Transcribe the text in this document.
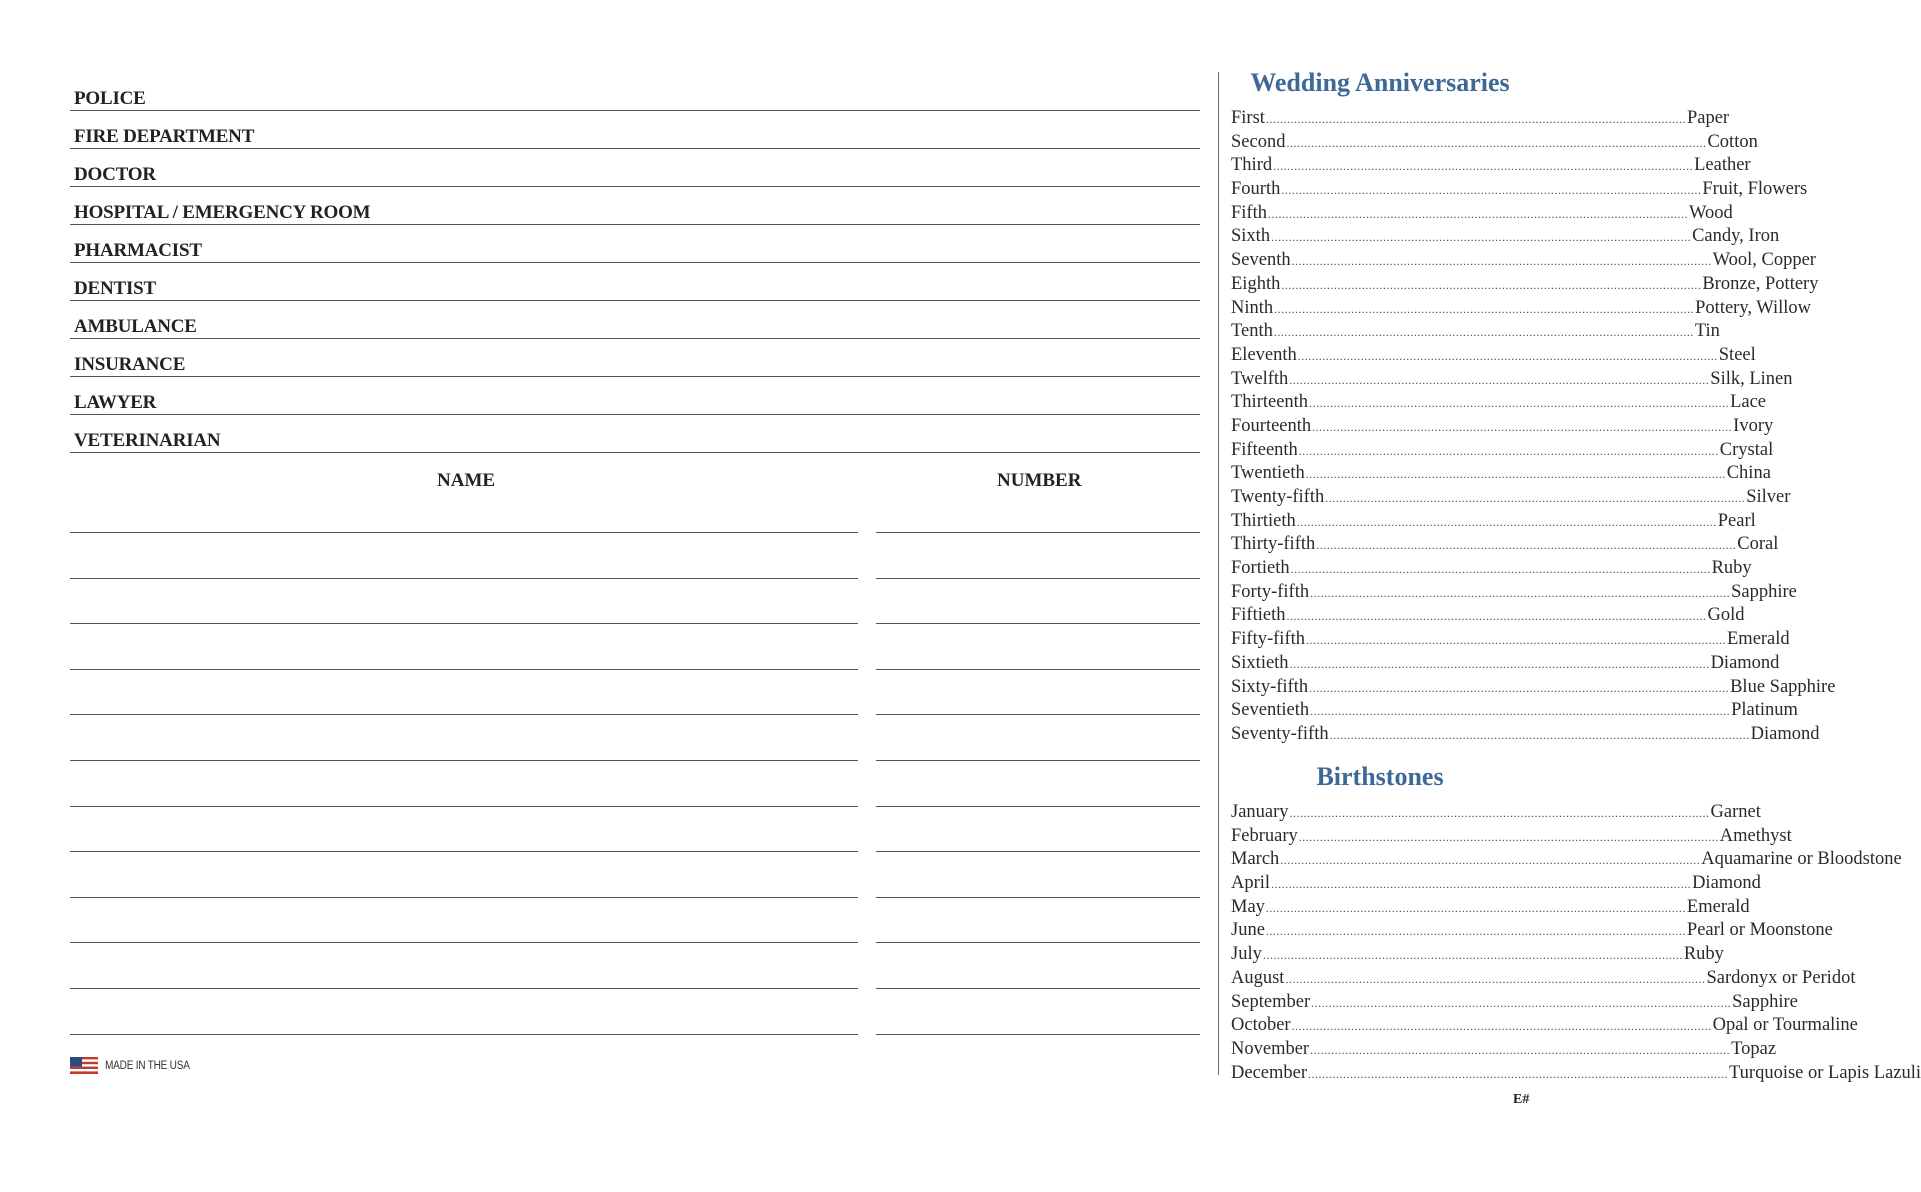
POLICE
FIRE DEPARTMENT
DOCTOR
HOSPITAL / EMERGENCY ROOM
PHARMACIST
DENTIST
AMBULANCE
INSURANCE
LAWYER
VETERINARIAN
NAME	NUMBER
MADE IN THE USA
Wedding Anniversaries
First ........................................................................................................................ Paper
Second ........................................................................................................................ Cotton
Third ........................................................................................................................ Leather
Fourth ........................................................................................................................ Fruit, Flowers
Fifth ........................................................................................................................ Wood
Sixth ........................................................................................................................ Candy, Iron
Seventh ........................................................................................................................ Wool, Copper
Eighth ........................................................................................................................ Bronze, Pottery
Ninth ........................................................................................................................ Pottery, Willow
Tenth ........................................................................................................................ Tin
Eleventh ........................................................................................................................ Steel
Twelfth ........................................................................................................................ Silk, Linen
Thirteenth ........................................................................................................................ Lace
Fourteenth ........................................................................................................................ Ivory
Fifteenth ........................................................................................................................ Crystal
Twentieth ........................................................................................................................ China
Twenty-fifth ........................................................................................................................ Silver
Thirtieth ........................................................................................................................ Pearl
Thirty-fifth ........................................................................................................................ Coral
Fortieth ........................................................................................................................ Ruby
Forty-fifth ........................................................................................................................ Sapphire
Fiftieth ........................................................................................................................ Gold
Fifty-fifth ........................................................................................................................ Emerald
Sixtieth ........................................................................................................................ Diamond
Sixty-fifth ........................................................................................................................ Blue Sapphire
Seventieth ........................................................................................................................ Platinum
Seventy-fifth ........................................................................................................................ Diamond
Birthstones
January ........................................................................................................................ Garnet
February ........................................................................................................................ Amethyst
March ........................................................................................................................ Aquamarine or Bloodstone
April ........................................................................................................................ Diamond
May ........................................................................................................................ Emerald
June ........................................................................................................................ Pearl or Moonstone
July ........................................................................................................................ Ruby
August ........................................................................................................................ Sardonyx or Peridot
September ........................................................................................................................ Sapphire
October ........................................................................................................................ Opal or Tourmaline
November ........................................................................................................................ Topaz
December ........................................................................................................................ Turquoise or Lapis Lazuli
E#
